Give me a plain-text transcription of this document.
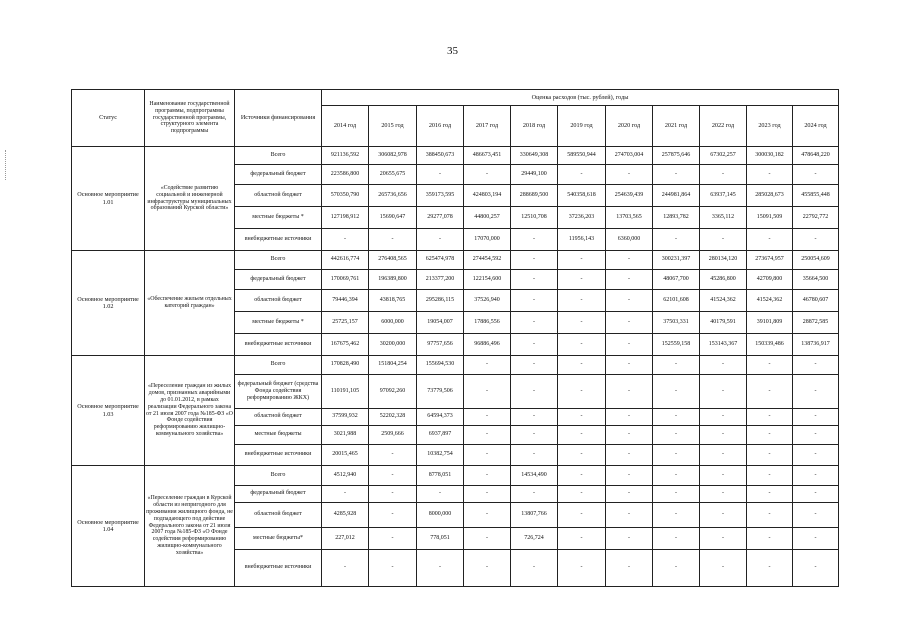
35
Статус	Наименование государственной программы, подпрограммы государственной программы, структурного элемента подпрограммы	Источники финансирования	Оценка расходов (тыс. рублей), годы										
			2014 год	2015 год	2016 год	2017 год	2018 год	2019 год	2020 год	2021 год	2022 год	2023 год	2024 год
Основное мероприятие 1.01	«Содействие развитию социальной и инженерной инфраструктуры муниципальных образований Курской области»	Всего	921136,592	306082,978	388450,673	486673,451	330649,308	589550,944	274703,004	257875,646	67302,257	300030,182	478648,220
		федеральный бюджет	223586,800	20655,675	-	-	29449,100	-	-	-	-	-	-
		областной бюджет	570350,790	265736,656	359173,595	424803,194	288689,500	540358,618	254639,439	244981,864	63937,145	285028,673	455855,448
		местные бюджеты *	127198,912	15690,647	29277,078	44800,257	12510,708	37236,203	13703,565	12893,782	3365,112	15091,509	22792,772
		внебюджетные источники	-	-	-	17070,000	-	11956,143	6360,000	-	-	-	-
Основное мероприятие 1.02	«Обеспечение жильем отдельных категорий граждан»	Всего	442616,774	276408,565	625474,978	274454,592	-	-	-	300231,397	280134,120	273674,957	250054,609
		федеральный бюджет	170069,761	196389,800	213377,200	122154,600	-	-	-	48067,700	45286,800	42709,800	35664,500
		областной бюджет	79446,394	43818,765	295286,115	37526,940	-	-	-	62101,608	41524,362	41524,362	46780,607
		местные бюджеты *	25725,157	6000,000	19054,007	17886,556	-	-	-	37503,331	40179,591	39101,809	28872,585
		внебюджетные источники	167675,462	30200,000	97757,656	96886,496	-	-	-	152559,158	153143,367	150339,486	138736,917
Основное мероприятие 1.03	«Переселение граждан из жилых домов, признанных аварийными до 01.01.2012, в рамках реализации Федерального закона от 21 июля 2007 года №185-ФЗ «О Фонде содействия реформированию жилищно-коммунального хозяйства»	Всего	170828,490	151804,254	155694,530	-	-	-	-	-	-	-	-
		федеральный бюджет (средства Фонда содействия реформированию ЖКХ)	110191,105	97092,260	73779,506	-	-	-	-	-	-	-	-
		областной бюджет	37599,932	52202,328	64594,373	-	-	-	-	-	-	-	-
		местные бюджеты	3021,988	2509,666	6937,897	-	-	-	-	-	-	-	-
		внебюджетные источники	20015,465	-	10382,754	-	-	-	-	-	-	-	-
Основное мероприятие 1.04	«Переселение граждан в Курской области из непригодного для проживания жилищного фонда, не подпадающего под действие Федерального закона от 21 июля 2007 года №185-ФЗ «О Фонде содействия реформированию жилищно-коммунального хозяйства»	Всего	4512,940	-	8778,051	-	14534,490	-	-	-	-	-	-
		федеральный бюджет	-	-	-	-	-	-	-	-	-	-	-
		областной бюджет	4285,928	-	8000,000	-	13807,766	-	-	-	-	-	-
		местные бюджеты*	227,012	-	778,051	-	726,724	-	-	-	-	-	-
		внебюджетные источники	-	-	-	-	-	-	-	-	-	-	-
